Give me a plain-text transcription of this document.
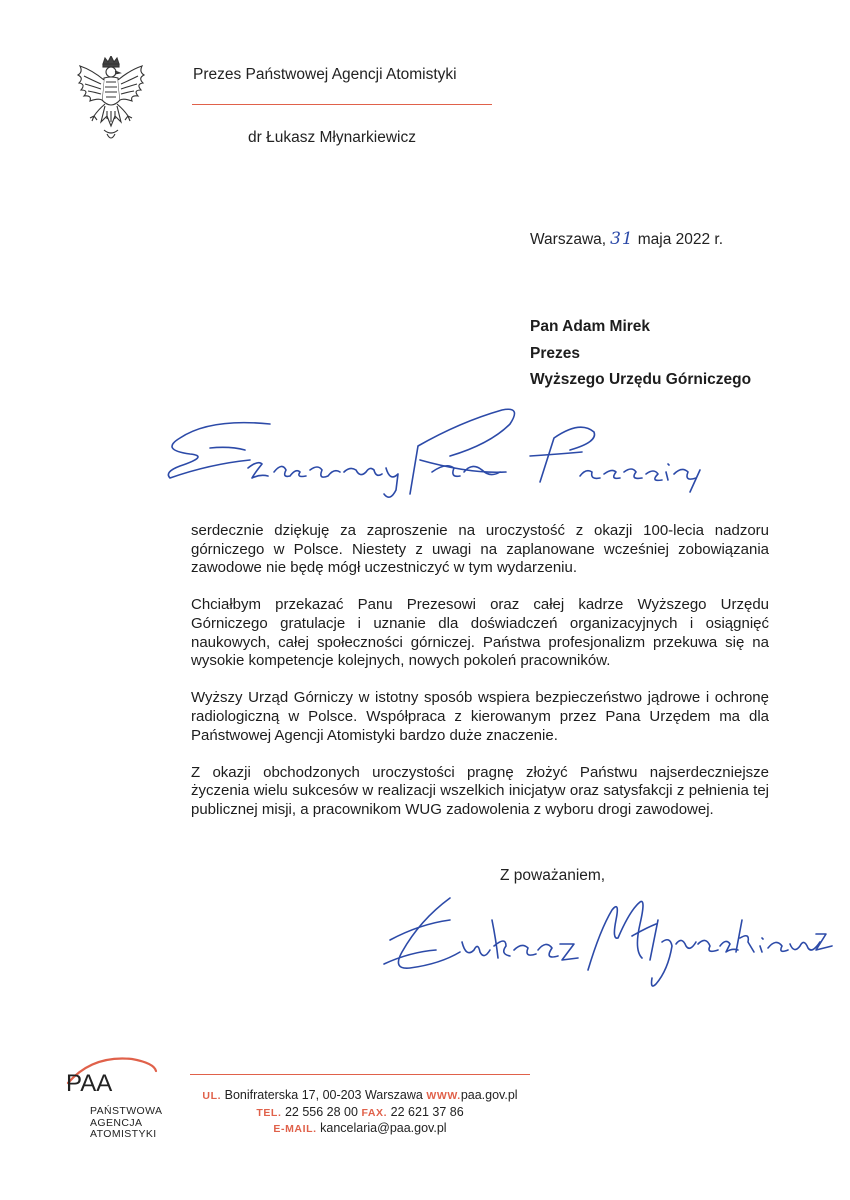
Prezes Państwowej Agencji Atomistyki
dr Łukasz Młynarkiewicz
Warszawa, 31 maja 2022 r.
Pan Adam Mirek
Prezes
Wyższego Urzędu Górniczego

serdecznie dziękuję za zaproszenie na uroczystość z okazji 100-lecia nadzoru górniczego w Polsce. Niestety z uwagi na zaplanowane wcześniej zobowiązania zawodowe nie będę mógł uczestniczyć w tym wydarzeniu.

Chciałbym przekazać Panu Prezesowi oraz całej kadrze Wyższego Urzędu Górniczego gratulacje i uznanie dla doświadczeń organizacyjnych i osiągnięć naukowych, całej społeczności górniczej. Państwa profesjonalizm przekuwa się na wysokie kompetencje kolejnych, nowych pokoleń pracowników.

Wyższy Urząd Górniczy w istotny sposób wspiera bezpieczeństwo jądrowe i ochronę radiologiczną w Polsce. Współpraca z kierowanym przez Pana Urzędem ma dla Państwowej Agencji Atomistyki bardzo duże znaczenie.

Z okazji obchodzonych uroczystości pragnę złożyć Państwu najserdeczniejsze życzenia wielu sukcesów w realizacji wszelkich inicjatyw oraz satysfakcji z pełnienia tej publicznej misji, a pracownikom WUG zadowolenia z wyboru drogi zawodowej.

Z poważaniem,
PAA
PAŃSTWOWA
AGENCJA
ATOMISTYKI
UL. Bonifraterska 17, 00-203 Warszawa WWW.paa.gov.pl
TEL. 22 556 28 00 FAX. 22 621 37 86
E-MAIL. kancelaria@paa.gov.pl
